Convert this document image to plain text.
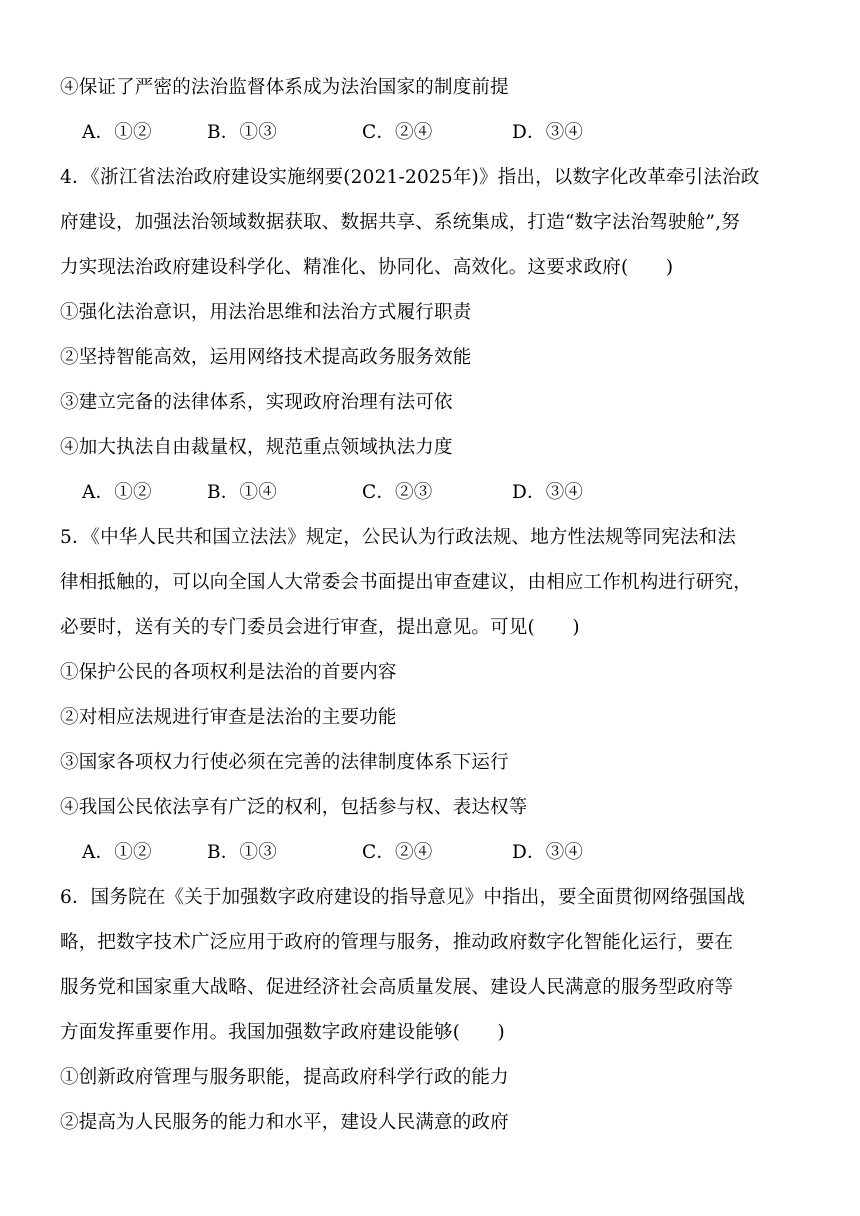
④保证了严密的法治监督体系成为法治国家的制度前提
A．①②	B．①③	C．②④	D．③④
4．《浙江省法治政府建设实施纲要(2021-2025年)》指出，以数字化改革牵引法治政
府建设，加强法治领域数据获取、数据共享、系统集成，打造“数字法治驾驶舱”,努
力实现法治政府建设科学化、精准化、协同化、高效化。这要求政府(　　)
①强化法治意识，用法治思维和法治方式履行职责
②坚持智能高效，运用网络技术提高政务服务效能
③建立完备的法律体系，实现政府治理有法可依
④加大执法自由裁量权，规范重点领域执法力度
A．①②	B．①④	C．②③	D．③④
5．《中华人民共和国立法法》规定，公民认为行政法规、地方性法规等同宪法和法
律相抵触的，可以向全国人大常委会书面提出审查建议，由相应工作机构进行研究，
必要时，送有关的专门委员会进行审查，提出意见。可见(　　)
①保护公民的各项权利是法治的首要内容
②对相应法规进行审查是法治的主要功能
③国家各项权力行使必须在完善的法律制度体系下运行
④我国公民依法享有广泛的权利，包括参与权、表达权等
A．①②	B．①③	C．②④	D．③④
6．国务院在《关于加强数字政府建设的指导意见》中指出，要全面贯彻网络强国战
略，把数字技术广泛应用于政府的管理与服务，推动政府数字化智能化运行，要在
服务党和国家重大战略、促进经济社会高质量发展、建设人民满意的服务型政府等
方面发挥重要作用。我国加强数字政府建设能够(　　)
①创新政府管理与服务职能，提高政府科学行政的能力
②提高为人民服务的能力和水平，建设人民满意的政府
